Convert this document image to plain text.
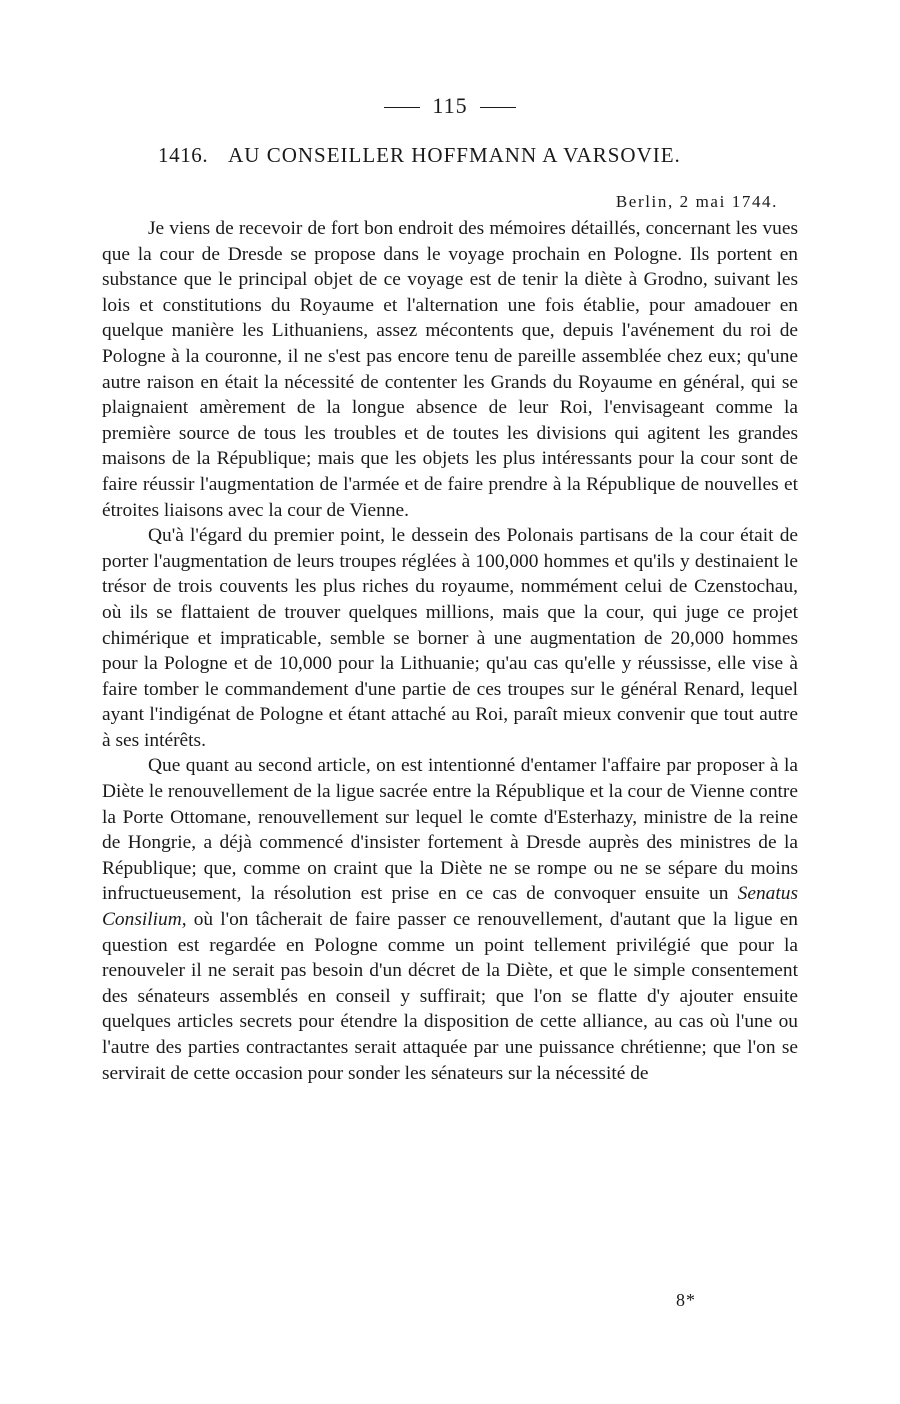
115
1416. AU CONSEILLER HOFFMANN A VARSOVIE.
Berlin, 2 mai 1744.

Je viens de recevoir de fort bon endroit des mémoires détaillés, concernant les vues que la cour de Dresde se propose dans le voyage prochain en Pologne. Ils portent en substance que le principal objet de ce voyage est de tenir la diète à Grodno, suivant les lois et constitutions du Royaume et l'alternation une fois établie, pour amadouer en quelque manière les Lithuaniens, assez mécontents que, depuis l'avénement du roi de Pologne à la couronne, il ne s'est pas encore tenu de pareille assemblée chez eux; qu'une autre raison en était la nécessité de contenter les Grands du Royaume en général, qui se plaignaient amèrement de la longue absence de leur Roi, l'envisageant comme la première source de tous les troubles et de toutes les divisions qui agitent les grandes maisons de la République; mais que les objets les plus intéressants pour la cour sont de faire réussir l'augmentation de l'armée et de faire prendre à la République de nouvelles et étroites liaisons avec la cour de Vienne.

Qu'à l'égard du premier point, le dessein des Polonais partisans de la cour était de porter l'augmentation de leurs troupes réglées à 100,000 hommes et qu'ils y destinaient le trésor de trois couvents les plus riches du royaume, nommément celui de Czenstochau, où ils se flattaient de trouver quelques millions, mais que la cour, qui juge ce projet chimérique et impraticable, semble se borner à une augmentation de 20,000 hommes pour la Pologne et de 10,000 pour la Lithuanie; qu'au cas qu'elle y réussisse, elle vise à faire tomber le commandement d'une partie de ces troupes sur le général Renard, lequel ayant l'indigénat de Pologne et étant attaché au Roi, paraît mieux convenir que tout autre à ses intérêts.

Que quant au second article, on est intentionné d'entamer l'affaire par proposer à la Diète le renouvellement de la ligue sacrée entre la République et la cour de Vienne contre la Porte Ottomane, renouvellement sur lequel le comte d'Esterhazy, ministre de la reine de Hongrie, a déjà commencé d'insister fortement à Dresde auprès des ministres de la République; que, comme on craint que la Diète ne se rompe ou ne se sépare du moins infructueusement, la résolution est prise en ce cas de convoquer ensuite un Senatus Consilium, où l'on tâcherait de faire passer ce renouvellement, d'autant que la ligue en question est regardée en Pologne comme un point tellement privilégié que pour la renouveler il ne serait pas besoin d'un décret de la Diète, et que le simple consentement des sénateurs assemblés en conseil y suffirait; que l'on se flatte d'y ajouter ensuite quelques articles secrets pour étendre la disposition de cette alliance, au cas où l'une ou l'autre des parties contractantes serait attaquée par une puissance chrétienne; que l'on se servirait de cette occasion pour sonder les sénateurs sur la nécessité de

8*
